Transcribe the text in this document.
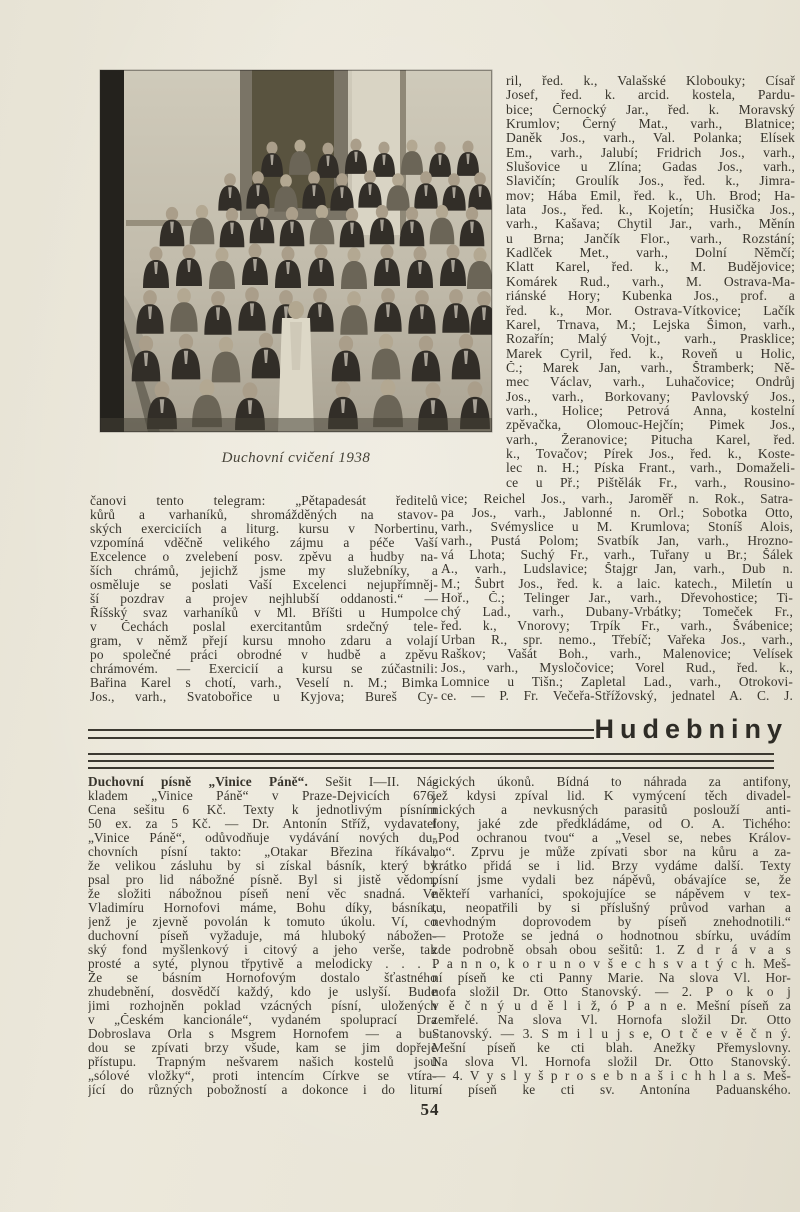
Duchovní cvičení 1938
ril, řed. k., Valašské Klobouky; Císař
Josef, řed. k. arcid. kostela, Pardu-
bice; Černocký Jar., řed. k. Moravský
Krumlov; Černý Mat., varh., Blatnice;
Daněk Jos., varh., Val. Polanka; Elísek
Em., varh., Jalubí; Fridrich Jos., varh.,
Slušovice u Zlína; Gadas Jos., varh.,
Slavičín; Groulík Jos., řed. k., Jimra-
mov; Hába Emil, řed. k., Uh. Brod; Ha-
lata Jos., řed. k., Kojetín; Husička Jos.,
varh., Kašava; Chytil Jar., varh., Měnín
u Brna; Jančík Flor., varh., Rozstání;
Kadlček Met., varh., Dolní Němčí;
Klatt Karel, řed. k., M. Budějovice;
Komárek Rud., varh., M. Ostrava-Ma-
riánské Hory; Kubenka Jos., prof. a
řed. k., Mor. Ostrava-Vítkovice; Lačík
Karel, Trnava, M.; Lejska Šimon, varh.,
Rozařín; Malý Vojt., varh., Prasklice;
Marek Cyril, řed. k., Roveň u Holic,
Č.; Marek Jan, varh., Štramberk; Ně-
mec Václav, varh., Luhačovice; Ondrůj
Jos., varh., Borkovany; Pavlovský Jos.,
varh., Holice; Petrová Anna, kostelní
zpěvačka, Olomouc-Hejčín; Pimek Jos.,
varh., Žeranovice; Pitucha Karel, řed.
k., Tovačov; Pírek Jos., řed. k., Koste-
lec n. H.; Píska Frant., varh., Domaželi-
ce u Př.; Pištělák Fr., varh., Rousino-
vice; Reichel Jos., varh., Jaroměř n. Rok., Satra-
pa Jos., varh., Jablonné n. Orl.; Sobotka Otto,
varh., Svémyslice u M. Krumlova; Stoníš Alois,
varh., Pustá Polom; Svatbík Jan, varh., Hrozno-
vá Lhota; Suchý Fr., varh., Tuřany u Br.; Šálek
A., varh., Ludslavice; Štajgr Jan, varh., Dub n.
M.; Šubrt Jos., řed. k. a laic. katech., Miletín u
Hoř., Č.; Telinger Jar., varh., Dřevohostice; Ti-
chý Lad., varh., Dubany-Vrbátky; Tomeček Fr.,
řed. k., Vnorovy; Trpík Fr., varh., Švábenice;
Urban R., spr. nemo., Třebíč; Vařeka Jos., varh.,
Raškov; Vašát Boh., varh., Malenovice; Velísek
Jos., varh., Mysločovice; Vorel Rud., řed. k.,
Lomnice u Tišn.; Zapletal Lad., varh., Otrokovi-
ce. — P. Fr. Večeřa-Střížovský, jednatel A. C. J.
čanovi tento telegram: „Pětapadesát ředitelů
kůrů a varhaníků, shromážděných na stavov-
ských exerciciích a liturg. kursu v Norbertinu,
vzpomíná vděčně velikého zájmu a péče Vaší
Excelence o zvelebení posv. zpěvu a hudby na-
ších chrámů, jejichž jsme my služebníky, a
osměluje se poslati Vaší Excelenci nejupřímněj-
ší pozdrav a projev nejhlubší oddanosti.“ —
Říšský svaz varhaníků v Ml. Bříšti u Humpolce
v Čechách poslal exercitantům srdečný tele-
gram, v němž přejí kursu mnoho zdaru a volají
po společné práci obrodné v hudbě a zpěvu
chrámovém. — Exercicií a kursu se zúčastnili:
Bařina Karel s chotí, varh., Veselí n. M.; Bimka
Jos., varh., Svatobořice u Kyjova; Bureš Cy-
Hudebniny
Duchovní písně „Vinice Páně“. Sešit I—II. Ná-
kladem „Vinice Páně“ v Praze-Dejvicích 676.
Cena sešitu 6 Kč. Texty k jednotlivým písním
50 ex. za 5 Kč. — Dr. Antonín Stříž, vydavatel
„Vinice Páně“, odůvodňuje vydávání nových du-
chovních písní takto: „Otakar Březina říkával,
že velikou zásluhu by si získal básník, který by
psal pro lid nábožné písně. Byl si jistě vědom,
že složiti nábožnou píseň není věc snadná. Ve
Vladimíru Hornofovi máme, Bohu díky, básníka,
jenž je zjevně povolán k tomuto úkolu. Ví, co
duchovní píseň vyžaduje, má hluboký nábožen-
ský fond myšlenkový i citový a jeho verše, tak
prosté a syté, plynou třpytivě a melodicky . . . .
Že se básním Hornofovým dostalo šťastného
zhudebnění, dosvědčí každý, kdo je uslyší. Bude
jimi rozhojněn poklad vzácných písní, uložených
v „Českém kancionále“, vydaném spoluprací Dra
Dobroslava Orla s Msgrem Hornofem — a bu-
dou se zpívati brzy všude, kam se jim dopřeje
přístupu. Trapným nešvarem našich kostelů jsou
„sólové vložky“, proti intencím Církve se vtíra-
jící do různých pobožností a dokonce i do litur-
gických úkonů. Bídná to náhrada za antifony,
jež kdysi zpíval lid. K vymýcení těch divadel-
nických a nevkusných parasitů poslouží anti-
fony, jaké zde předkládáme, od O. A. Tichého:
„Pod ochranou tvou“ a „Vesel se, nebes Králov-
no“. Zprvu je může zpívati sbor na kůru a za-
krátko přidá se i lid. Brzy vydáme další. Texty
písní jsme vydali bez nápěvů, obávajíce se, že
někteří varhaníci, spokojujíce se nápěvem v tex-
tu, neopatřili by si příslušný průvod varhan a
nevhodným doprovodem by píseň znehodnotili.“
— Protože se jedná o hodnotnou sbírku, uvádím
zde podrobně obsah obou sešitů: 1. Z d r á v a s
P a n n o, k o r u n o v š e c h s v a t ý c h. Meš-
ní píseň ke cti Panny Marie. Na slova Vl. Hor-
nofa složil Dr. Otto Stanovský. — 2. P o k o j
v ě č n ý u d ě l i ž, ó P a n e. Mešní píseň za
zemřelé. Na slova Vl. Hornofa složil Dr. Otto
Stanovský. — 3. S m i l u j s e, O t č e v ě č n ý.
Mešní píseň ke cti blah. Anežky Přemyslovny.
Na slova Vl. Hornofa složil Dr. Otto Stanovský.
— 4. V y s l y š p r o s e b n a š i c h h l a s. Meš-
ní píseň ke cti sv. Antonína Paduanského.
54
